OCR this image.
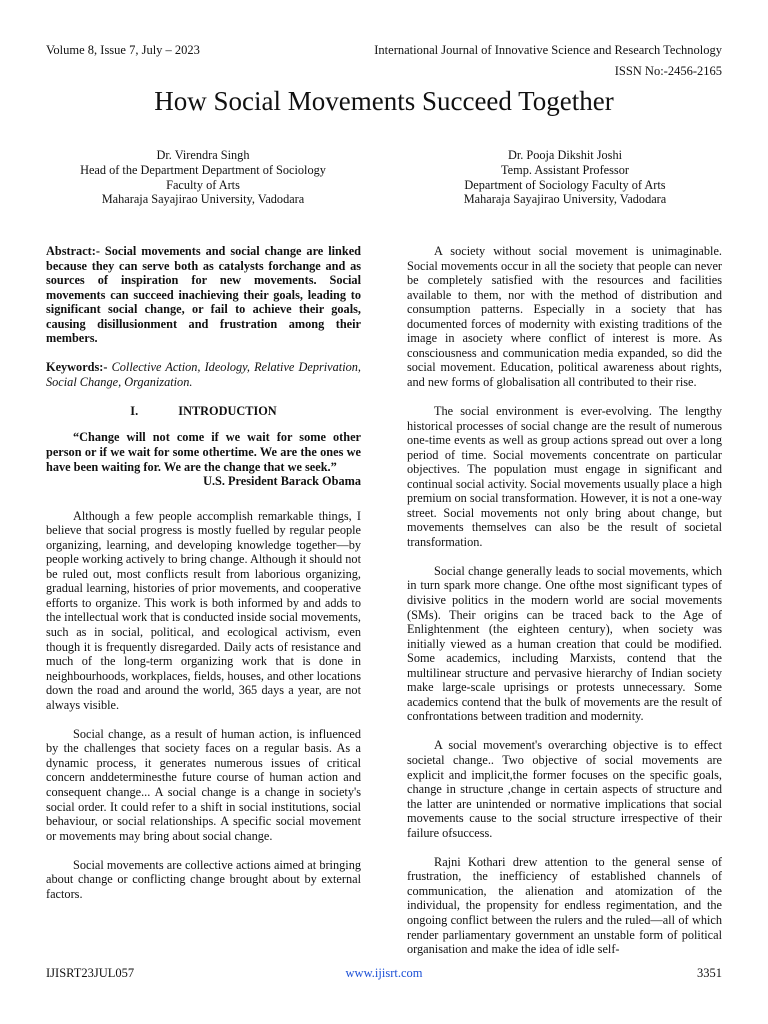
Volume 8, Issue 7, July – 2023	International Journal of Innovative Science and Research Technology
ISSN No:-2456-2165
How Social Movements Succeed Together
Dr. Virendra Singh
Head of the Department Department of Sociology
Faculty of Arts
Maharaja Sayajirao University, Vadodara
Dr. Pooja Dikshit Joshi
Temp. Assistant Professor
Department of Sociology Faculty of Arts
Maharaja Sayajirao University, Vadodara

Abstract:- Social movements and social change are linked because they can serve both as catalysts forchange and as sources of inspiration for new movements. Social movements can succeed inachieving their goals, leading to significant social change, or fail to achieve their goals, causing disillusionment and frustration among their members.

Keywords:- Collective Action, Ideology, Relative Deprivation, Social Change, Organization.

I.	INTRODUCTION

“Change will not come if we wait for some other person or if we wait for some othertime. We are the ones we have been waiting for. We are the change that we seek.”

U.S. President Barack Obama

Although a few people accomplish remarkable things, I believe that social progress is mostly fuelled by regular people organizing, learning, and developing knowledge together—by people working actively to bring change. Although it should not be ruled out, most conflicts result from laborious organizing, gradual learning, histories of prior movements, and cooperative efforts to organize. This work is both informed by and adds to the intellectual work that is conducted inside social movements, such as in social, political, and ecological activism, even though it is frequently disregarded. Daily acts of resistance and much of the long-term organizing work that is done in neighbourhoods, workplaces, fields, houses, and other locations down the road and around the world, 365 days a year, are not always visible.

Social change, as a result of human action, is influenced by the challenges that society faces on a regular basis. As a dynamic process, it generates numerous issues of critical concern anddeterminesthe future course of human action and consequent change... A social change is a change in society's social order. It could refer to a shift in social institutions, social behaviour, or social relationships. A specific social movement or movements may bring about social change.

Social movements are collective actions aimed at bringing about change or conflicting change brought about by external factors.

A society without social movement is unimaginable. Social movements occur in all the society that people can never be completely satisfied with the resources and facilities available to them, nor with the method of distribution and consumption patterns. Especially in a society that has documented forces of modernity with existing traditions of the image in asociety where conflict of interest is more. As consciousness and communication media expanded, so did the social movement. Education, political awareness about rights, and new forms of globalisation all contributed to their rise.

The social environment is ever-evolving. The lengthy historical processes of social change are the result of numerous one-time events as well as group actions spread out over a long period of time. Social movements concentrate on particular objectives. The population must engage in significant and continual social activity. Social movements usually place a high premium on social transformation. However, it is not a one-way street. Social movements not only bring about change, but movements themselves can also be the result of societal transformation.

Social change generally leads to social movements, which in turn spark more change. One ofthe most significant types of divisive politics in the modern world are social movements (SMs). Their origins can be traced back to the Age of Enlightenment (the eighteen century), when society was initially viewed as a human creation that could be modified. Some academics, including Marxists, contend that the multilinear structure and pervasive hierarchy of Indian society make large-scale uprisings or protests unnecessary. Some academics contend that the bulk of movements are the result of confrontations between tradition and modernity.

A social movement's overarching objective is to effect societal change.. Two objective of social movements are explicit and implicit,the former focuses on the specific goals, change in structure ,change in certain aspects of structure and the latter are unintended or normative implications that social movements cause to the social structure irrespective of their failure ofsuccess.

Rajni Kothari drew attention to the general sense of frustration, the inefficiency of established channels of communication, the alienation and atomization of the individual, the propensity for endless regimentation, and the ongoing conflict between the rulers and the ruled—all of which render parliamentary government an unstable form of political organisation and make the idea of idle self-

IJISRT23JUL057	www.ijisrt.com	3351
